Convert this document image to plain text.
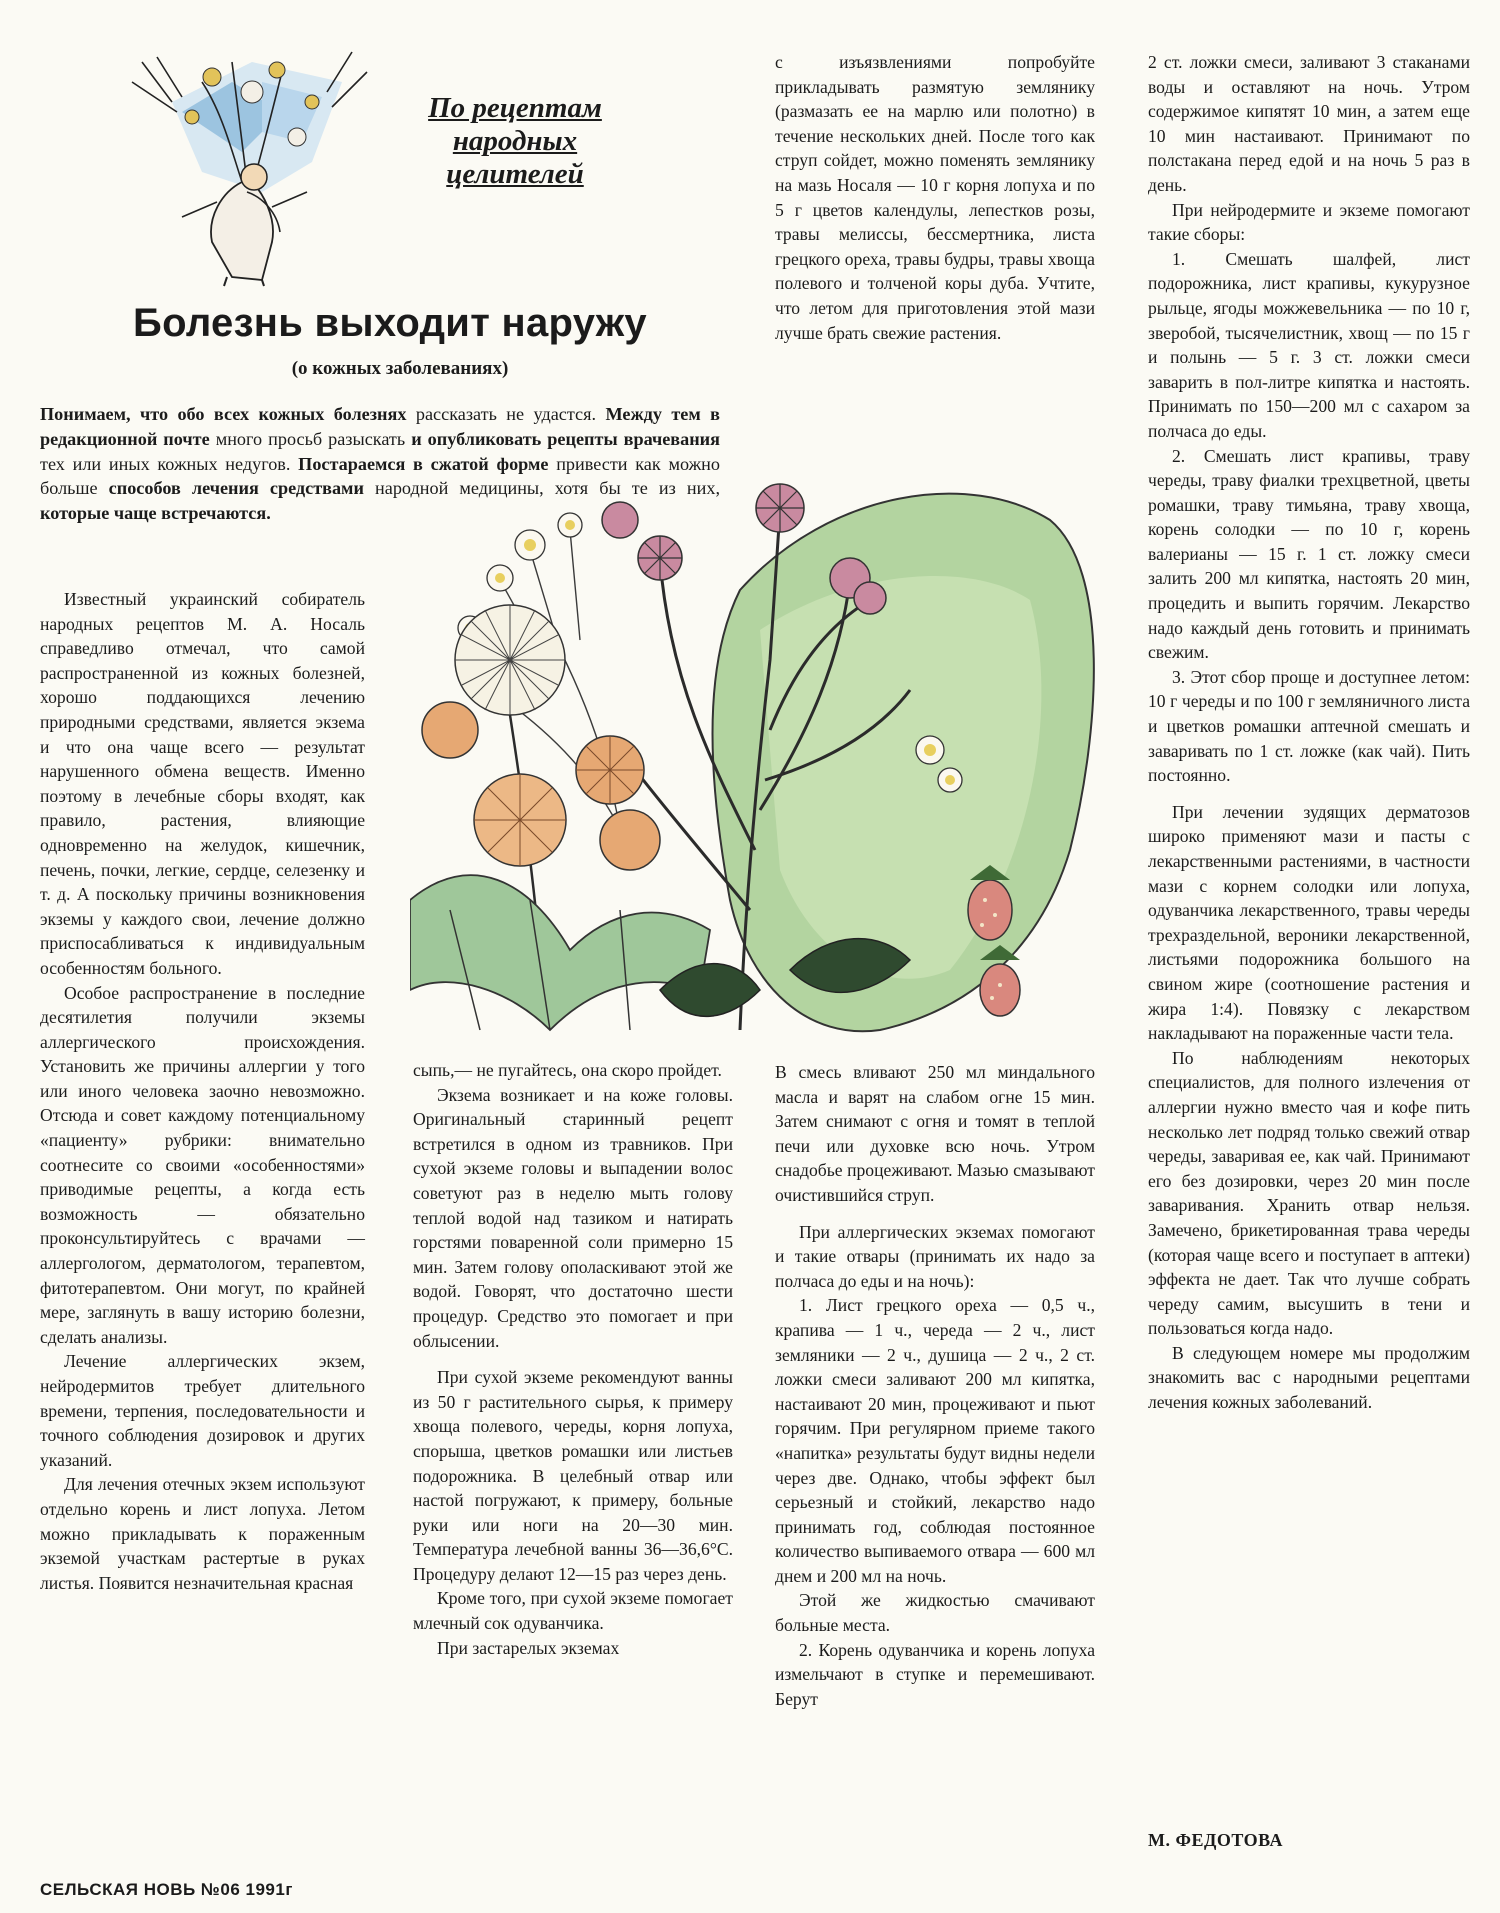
По рецептам
народных
целителей
Болезнь выходит наружу
(о кожных заболеваниях)
Понимаем, что обо всех кожных болезнях рассказать не удастся. Между тем в редакционной почте много просьб разыскать и опубликовать рецепты врачевания тех или иных кожных недугов. Постараемся в сжатой форме привести как можно больше способов лечения средствами народной медицины, хотя бы те из них, которые чаще встречаются.

Известный украинский собиратель народных рецептов М. А. Носаль справедливо отмечал, что самой распространенной из кожных болезней, хорошо поддающихся лечению природными средствами, является экзема и что она чаще всего — результат нарушенного обмена веществ. Именно поэтому в лечебные сборы входят, как правило, растения, влияющие одновременно на желудок, кишечник, печень, почки, легкие, сердце, селезенку и т. д. А поскольку причины возникновения экземы у каждого свои, лечение должно приспосабливаться к индивидуальным особенностям больного.

Особое распространение в последние десятилетия получили экземы аллергического происхождения. Установить же причины аллергии у того или иного человека заочно невозможно. Отсюда и совет каждому потенциальному «пациенту» рубрики: внимательно соотнесите со своими «особенностями» приводимые рецепты, а когда есть возможность — обязательно проконсультируйтесь с врачами — аллергологом, дерматологом, терапевтом, фитотерапевтом. Они могут, по крайней мере, заглянуть в вашу историю болезни, сделать анализы.

Лечение аллергических экзем, нейродермитов требует длительного времени, терпения, последовательности и точного соблюдения дозировок и других указаний.

Для лечения отечных экзем используют отдельно корень и лист лопуха. Летом можно прикладывать к пораженным экземой участкам растертые в руках листья. Появится незначительная красная

сыпь,— не пугайтесь, она скоро пройдет.

Экзема возникает и на коже головы. Оригинальный старинный рецепт встретился в одном из травников. При сухой экземе головы и выпадении волос советуют раз в неделю мыть голову теплой водой над тазиком и натирать горстями поваренной соли примерно 15 мин. Затем голову ополаскивают этой же водой. Говорят, что достаточно шести процедур. Средство это помогает и при облысении.

При сухой экземе рекомендуют ванны из 50 г растительного сырья, к примеру хвоща полевого, череды, корня лопуха, спорыша, цветков ромашки или листьев подорожника. В целебный отвар или настой погружают, к примеру, больные руки или ноги на 20—30 мин. Температура лечебной ванны 36—36,6°С. Процедуру делают 12—15 раз через день.

Кроме того, при сухой экземе помогает млечный сок одуванчика.

При застарелых экземах

с изъязвлениями попробуйте прикладывать размятую землянику (размазать ее на марлю или полотно) в течение нескольких дней. После того как струп сойдет, можно поменять землянику на мазь Носаля — 10 г корня лопуха и по 5 г цветов календулы, лепестков розы, травы мелиссы, бессмертника, листа грецкого ореха, травы будры, травы хвоща полевого и толченой коры дуба. Учтите, что летом для приготовления этой мази лучше брать свежие растения.

В смесь вливают 250 мл миндального масла и варят на слабом огне 15 мин. Затем снимают с огня и томят в теплой печи или духовке всю ночь. Утром снадобье процеживают. Мазью смазывают очистившийся струп.

При аллергических экземах помогают и такие отвары (принимать их надо за полчаса до еды и на ночь):

1. Лист грецкого ореха — 0,5 ч., крапива — 1 ч., череда — 2 ч., лист земляники — 2 ч., душица — 2 ч., 2 ст. ложки смеси заливают 200 мл кипятка, настаивают 20 мин, процеживают и пьют горячим. При регулярном приеме такого «напитка» результаты будут видны недели через две. Однако, чтобы эффект был серьезный и стойкий, лекарство надо принимать год, соблюдая постоянное количество выпиваемого отвара — 600 мл днем и 200 мл на ночь.

Этой же жидкостью смачивают больные места.

2. Корень одуванчика и корень лопуха измельчают в ступке и перемешивают. Берут

2 ст. ложки смеси, заливают 3 стаканами воды и оставляют на ночь. Утром содержимое кипятят 10 мин, а затем еще 10 мин настаивают. Принимают по полстакана перед едой и на ночь 5 раз в день.

При нейродермите и экземе помогают такие сборы:

1. Смешать шалфей, лист подорожника, лист крапивы, кукурузное рыльце, ягоды можжевельника — по 10 г, зверобой, тысячелистник, хвощ — по 15 г и полынь — 5 г. 3 ст. ложки смеси заварить в пол-литре кипятка и настоять. Принимать по 150—200 мл с сахаром за полчаса до еды.

2. Смешать лист крапивы, траву череды, траву фиалки трехцветной, цветы ромашки, траву тимьяна, траву хвоща, корень солодки — по 10 г, корень валерианы — 15 г. 1 ст. ложку смеси залить 200 мл кипятка, настоять 20 мин, процедить и выпить горячим. Лекарство надо каждый день готовить и принимать свежим.

3. Этот сбор проще и доступнее летом: 10 г череды и по 100 г земляничного листа и цветков ромашки аптечной смешать и заваривать по 1 ст. ложке (как чай). Пить постоянно.

При лечении зудящих дерматозов широко применяют мази и пасты с лекарственными растениями, в частности мази с корнем солодки или лопуха, одуванчика лекарственного, травы череды трехраздельной, вероники лекарственной, листьями подорожника большого на свином жире (соотношение растения и жира 1:4). Повязку с лекарством накладывают на пораженные части тела.

По наблюдениям некоторых специалистов, для полного излечения от аллергии нужно вместо чая и кофе пить несколько лет подряд только свежий отвар череды, заваривая ее, как чай. Принимают его без дозировки, через 20 мин после заваривания. Хранить отвар нельзя. Замечено, брикетированная трава череды (которая чаще всего и поступает в аптеки) эффекта не дает. Так что лучше собрать череду самим, высушить в тени и пользоваться когда надо.

В следующем номере мы продолжим знакомить вас с народными рецептами лечения кожных заболеваний.

М. ФЕДОТОВА
СЕЛЬСКАЯ НОВЬ №06 1991г
